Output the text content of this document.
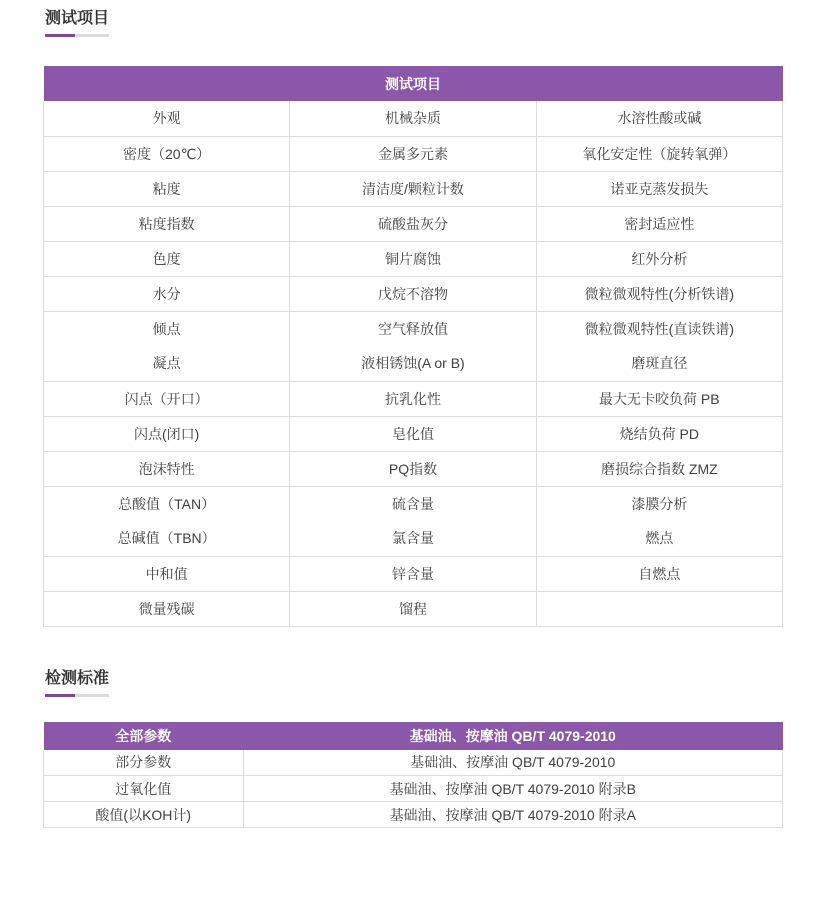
测试项目
测试项目		
外观	机械杂质	水溶性酸或碱
密度（20℃）	金属多元素	氧化安定性（旋转氧弹）
粘度	清洁度/颗粒计数	诺亚克蒸发损失
粘度指数	硫酸盐灰分	密封适应性
色度	铜片腐蚀	红外分析
水分	戊烷不溶物	微粒微观特性(分析铁谱)
倾点	空气释放值	微粒微观特性(直读铁谱)
凝点	液相锈蚀(A or B)	磨斑直径
闪点（开口）	抗乳化性	最大无卡咬负荷 PB
闪点(闭口)	皂化值	烧结负荷 PD
泡沫特性	PQ指数	磨损综合指数 ZMZ
总酸值（TAN）	硫含量	漆膜分析
总碱值（TBN）	氯含量	燃点
中和值	锌含量	自燃点
微量残碳	馏程	
检测标准
全部参数	基础油、按摩油 QB/T 4079-2010
部分参数	基础油、按摩油 QB/T 4079-2010
过氧化值	基础油、按摩油 QB/T 4079-2010 附录B
酸值(以KOH计)	基础油、按摩油 QB/T 4079-2010 附录A
